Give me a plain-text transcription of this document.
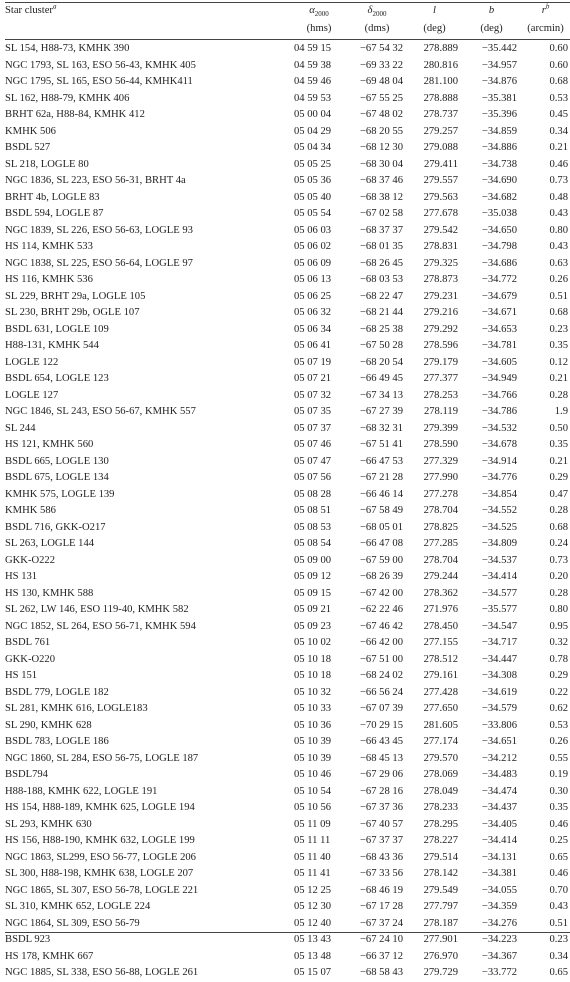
Star cluster$^a$	$\alpha_{2000}$	$\delta_{2000}$	l	b	$r^b$
	(hms)	(dms)	(deg)	(deg)	(arcmin)
SL 154, H88-73, KMHK 390	04 59 15	−67 54 32	278.889	−35.442	0.60
NGC 1793, SL 163, ESO 56-43, KMHK 405	04 59 38	−69 33 22	280.816	−34.957	0.60
NGC 1795, SL 165, ESO 56-44, KMHK411	04 59 46	−69 48 04	281.100	−34.876	0.68
SL 162, H88-79, KMHK 406	04 59 53	−67 55 25	278.888	−35.381	0.53
BRHT 62a, H88-84, KMHK 412	05 00 04	−67 48 02	278.737	−35.396	0.45
KMHK 506	05 04 29	−68 20 55	279.257	−34.859	0.34
BSDL 527	05 04 34	−68 12 30	279.088	−34.886	0.21
SL 218, LOGLE 80	05 05 25	−68 30 04	279.411	−34.738	0.46
NGC 1836, SL 223, ESO 56-31, BRHT 4a	05 05 36	−68 37 46	279.557	−34.690	0.73
BRHT 4b, LOGLE 83	05 05 40	−68 38 12	279.563	−34.682	0.48
BSDL 594, LOGLE 87	05 05 54	−67 02 58	277.678	−35.038	0.43
NGC 1839, SL 226, ESO 56-63, LOGLE 93	05 06 03	−68 37 37	279.542	−34.650	0.80
HS 114, KMHK 533	05 06 02	−68 01 35	278.831	−34.798	0.43
NGC 1838, SL 225, ESO 56-64, LOGLE 97	05 06 09	−68 26 45	279.325	−34.686	0.63
HS 116, KMHK 536	05 06 13	−68 03 53	278.873	−34.772	0.26
SL 229, BRHT 29a, LOGLE 105	05 06 25	−68 22 47	279.231	−34.679	0.51
SL 230, BRHT 29b, OGLE 107	05 06 32	−68 21 44	279.216	−34.671	0.68
BSDL 631, LOGLE 109	05 06 34	−68 25 38	279.292	−34.653	0.23
H88-131, KMHK 544	05 06 41	−67 50 28	278.596	−34.781	0.35
LOGLE 122	05 07 19	−68 20 54	279.179	−34.605	0.12
BSDL 654, LOGLE 123	05 07 21	−66 49 45	277.377	−34.949	0.21
LOGLE 127	05 07 32	−67 34 13	278.253	−34.766	0.28
NGC 1846, SL 243, ESO 56-67, KMHK 557	05 07 35	−67 27 39	278.119	−34.786	1.9
SL 244	05 07 37	−68 32 31	279.399	−34.532	0.50
HS 121, KMHK 560	05 07 46	−67 51 41	278.590	−34.678	0.35
BSDL 665, LOGLE 130	05 07 47	−66 47 53	277.329	−34.914	0.21
BSDL 675, LOGLE 134	05 07 56	−67 21 28	277.990	−34.776	0.29
KMHK 575, LOGLE 139	05 08 28	−66 46 14	277.278	−34.854	0.47
KMHK 586	05 08 51	−67 58 49	278.704	−34.552	0.28
BSDL 716, GKK-O217	05 08 53	−68 05 01	278.825	−34.525	0.68
SL 263, LOGLE 144	05 08 54	−66 47 08	277.285	−34.809	0.24
GKK-O222	05 09 00	−67 59 00	278.704	−34.537	0.73
HS 131	05 09 12	−68 26 39	279.244	−34.414	0.20
HS 130, KMHK 588	05 09 15	−67 42 00	278.362	−34.577	0.28
SL 262, LW 146, ESO 119-40, KMHK 582	05 09 21	−62 22 46	271.976	−35.577	0.80
NGC 1852, SL 264, ESO 56-71, KMHK 594	05 09 23	−67 46 42	278.450	−34.547	0.95
BSDL 761	05 10 02	−66 42 00	277.155	−34.717	0.32
GKK-O220	05 10 18	−67 51 00	278.512	−34.447	0.78
HS 151	05 10 18	−68 24 02	279.161	−34.308	0.29
BSDL 779, LOGLE 182	05 10 32	−66 56 24	277.428	−34.619	0.22
SL 281, KMHK 616, LOGLE183	05 10 33	−67 07 39	277.650	−34.579	0.62
SL 290, KMHK 628	05 10 36	−70 29 15	281.605	−33.806	0.53
BSDL 783, LOGLE 186	05 10 39	−66 43 45	277.174	−34.651	0.26
NGC 1860, SL 284, ESO 56-75, LOGLE 187	05 10 39	−68 45 13	279.570	−34.212	0.55
BSDL794	05 10 46	−67 29 06	278.069	−34.483	0.19
H88-188, KMHK 622, LOGLE 191	05 10 54	−67 28 16	278.049	−34.474	0.30
HS 154, H88-189, KMHK 625, LOGLE 194	05 10 56	−67 37 36	278.233	−34.437	0.35
SL 293, KMHK 630	05 11 09	−67 40 57	278.295	−34.405	0.46
HS 156, H88-190, KMHK 632, LOGLE 199	05 11 11	−67 37 37	278.227	−34.414	0.25
NGC 1863, SL299, ESO 56-77, LOGLE 206	05 11 40	−68 43 36	279.514	−34.131	0.65
SL 300, H88-198, KMHK 638, LOGLE 207	05 11 41	−67 33 56	278.142	−34.381	0.46
NGC 1865, SL 307, ESO 56-78, LOGLE 221	05 12 25	−68 46 19	279.549	−34.055	0.70
SL 310, KMHK 652, LOGLE 224	05 12 30	−67 17 28	277.797	−34.359	0.43
NGC 1864, SL 309, ESO 56-79	05 12 40	−67 37 24	278.187	−34.276	0.51
BSDL 923	05 13 43	−67 24 10	277.901	−34.223	0.23
HS 178, KMHK 667	05 13 48	−66 37 12	276.970	−34.367	0.34
NGC 1885, SL 338, ESO 56-88, LOGLE 261	05 15 07	−68 58 43	279.729	−33.772	0.65
